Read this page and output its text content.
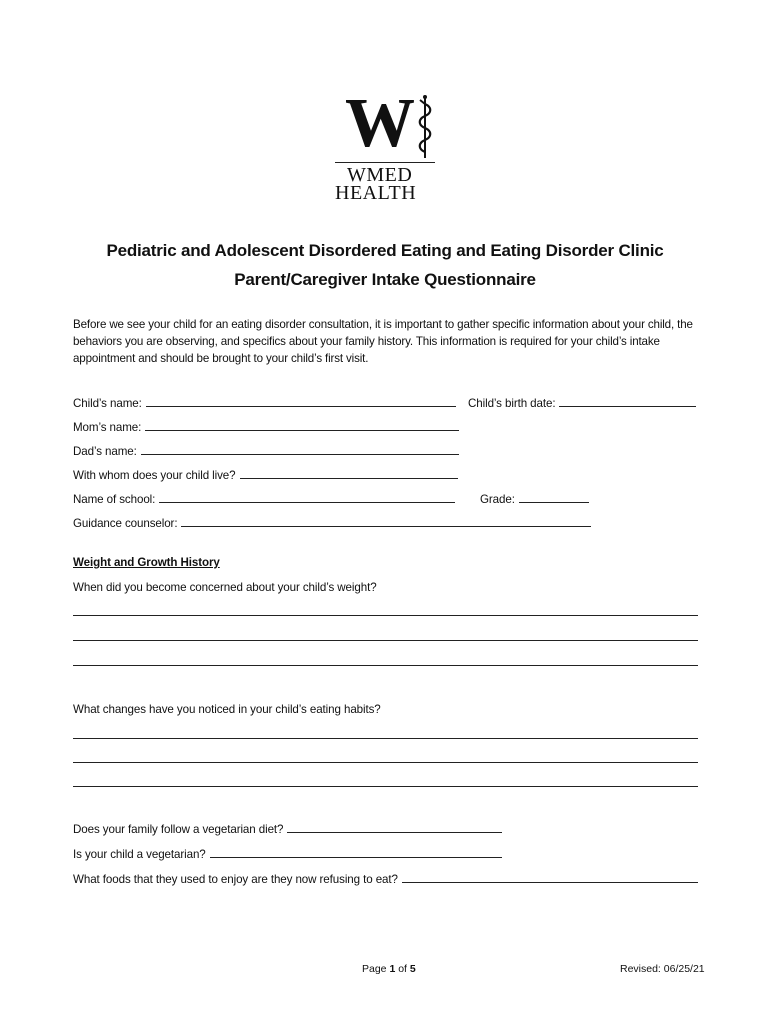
W
WMED
HEALTH
Pediatric and Adolescent Disordered Eating and Eating Disorder Clinic
Parent/Caregiver Intake Questionnaire
Before we see your child for an eating disorder consultation, it is important to gather specific information about your child, the behaviors you are observing, and specifics about your family history. This information is required for your child’s intake appointment and should be brought to your child’s first visit.
Child’s name:	Child’s birth date:
Mom’s name:
Dad’s name:
With whom does your child live?
Name of school:	Grade:
Guidance counselor:
Weight and Growth History
When did you become concerned about your child’s weight?
What changes have you noticed in your child’s eating habits?
Does your family follow a vegetarian diet?
Is your child a vegetarian?
What foods that they used to enjoy are they now refusing to eat?
Page 1 of 5	Revised: 06/25/21
